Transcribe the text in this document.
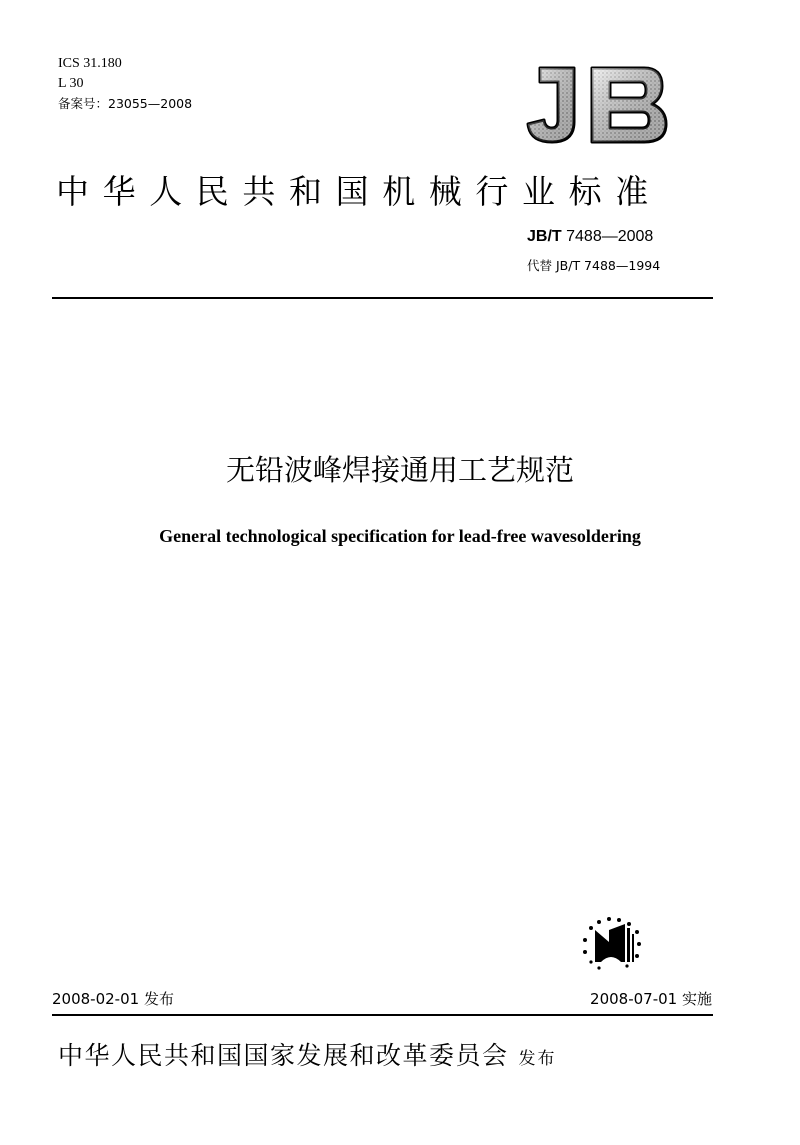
ICS 31.180
L 30
备案号：23055—2008
中华人民共和国机械行业标准
JB/T 7488—2008
代替 JB/T 7488—1994
无铅波峰焊接通用工艺规范
General technological specification for lead-free wavesoldering
2008-02-01 发布	2008-07-01 实施
中华人民共和国国家发展和改革委员会 发布
